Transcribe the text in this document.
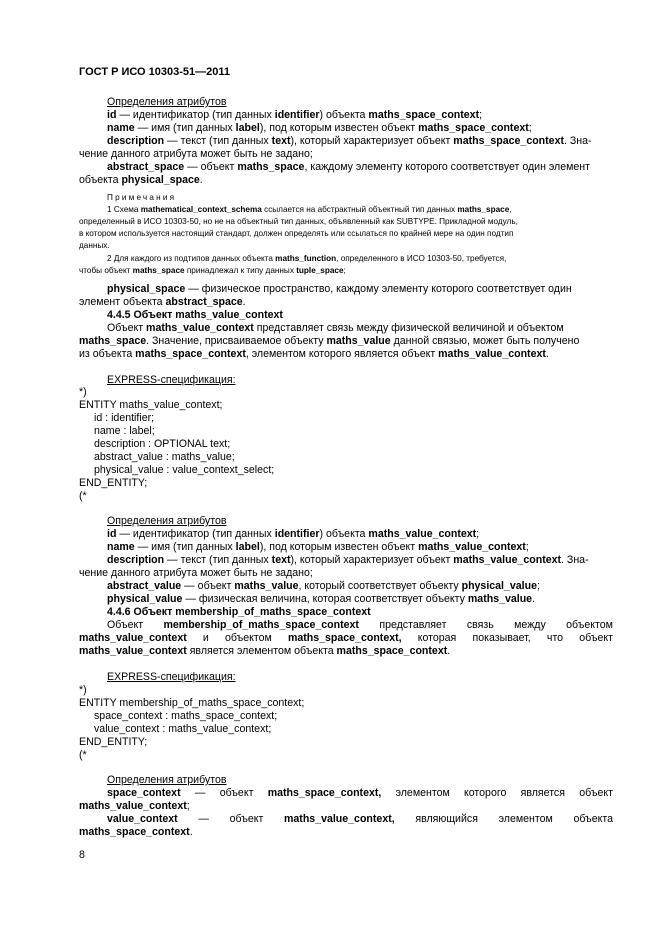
ГОСТ Р ИСО 10303-51—2011
Определения атрибутов
id — идентификатор (тип данных identifier) объекта maths_space_context;
name — имя (тип данных label), под которым известен объект maths_space_context;
description — текст (тип данных text), который характеризует объект maths_space_context. Зна-
чение данного атрибута может быть не задано;
abstract_space — объект maths_space, каждому элементу которого соответствует один элемент
объекта physical_space.
Примечания
1 Схема mathematical_context_schema ссылается на абстрактный объектный тип данных maths_space,
определенный в ИСО 10303-50, но не на объектный тип данных, объявленный как SUBTYPE. Прикладной модуль,
в котором используется настоящий стандарт, должен определять или ссылаться по крайней мере на один подтип
данных.
2 Для каждого из подтипов данных объекта maths_function, определенного в ИСО 10303-50, требуется,
чтобы объект maths_space принадлежал к типу данных tuple_space;
physical_space — физическое пространство, каждому элементу которого соответствует один
элемент объекта abstract_space.
4.4.5 Объект maths_value_context
Объект maths_value_context представляет связь между физической величиной и объектом
maths_space. Значение, присваиваемое объекту maths_value данной связью, может быть получено
из объекта maths_space_context, элементом которого является объект maths_value_context.
EXPRESS-спецификация:
*)
ENTITY maths_value_context;
id : identifier;
name : label;
description : OPTIONAL text;
abstract_value : maths_value;
physical_value : value_context_select;
END_ENTITY;
(*
Определения атрибутов
id — идентификатор (тип данных identifier) объекта maths_value_context;
name — имя (тип данных label), под которым известен объект maths_value_context;
description — текст (тип данных text), который характеризует объект maths_value_context. Зна-
чение данного атрибута может быть не задано;
abstract_value — объект maths_value, который соответствует объекту physical_value;
physical_value — физическая величина, которая соответствует объекту maths_value.
4.4.6 Объект membership_of_maths_space_context
Объект membership_of_maths_space_context представляет связь между объектом
maths_value_context и объектом maths_space_context, которая показывает, что объект
maths_value_context является элементом объекта maths_space_context.
EXPRESS-спецификация:
*)
ENTITY membership_of_maths_space_context;
space_context : maths_space_context;
value_context : maths_value_context;
END_ENTITY;
(*
Определения атрибутов
space_context — объект maths_space_context, элементом которого является объект
maths_value_context;
value_context — объект maths_value_context, являющийся элементом объекта
maths_space_context.
8
